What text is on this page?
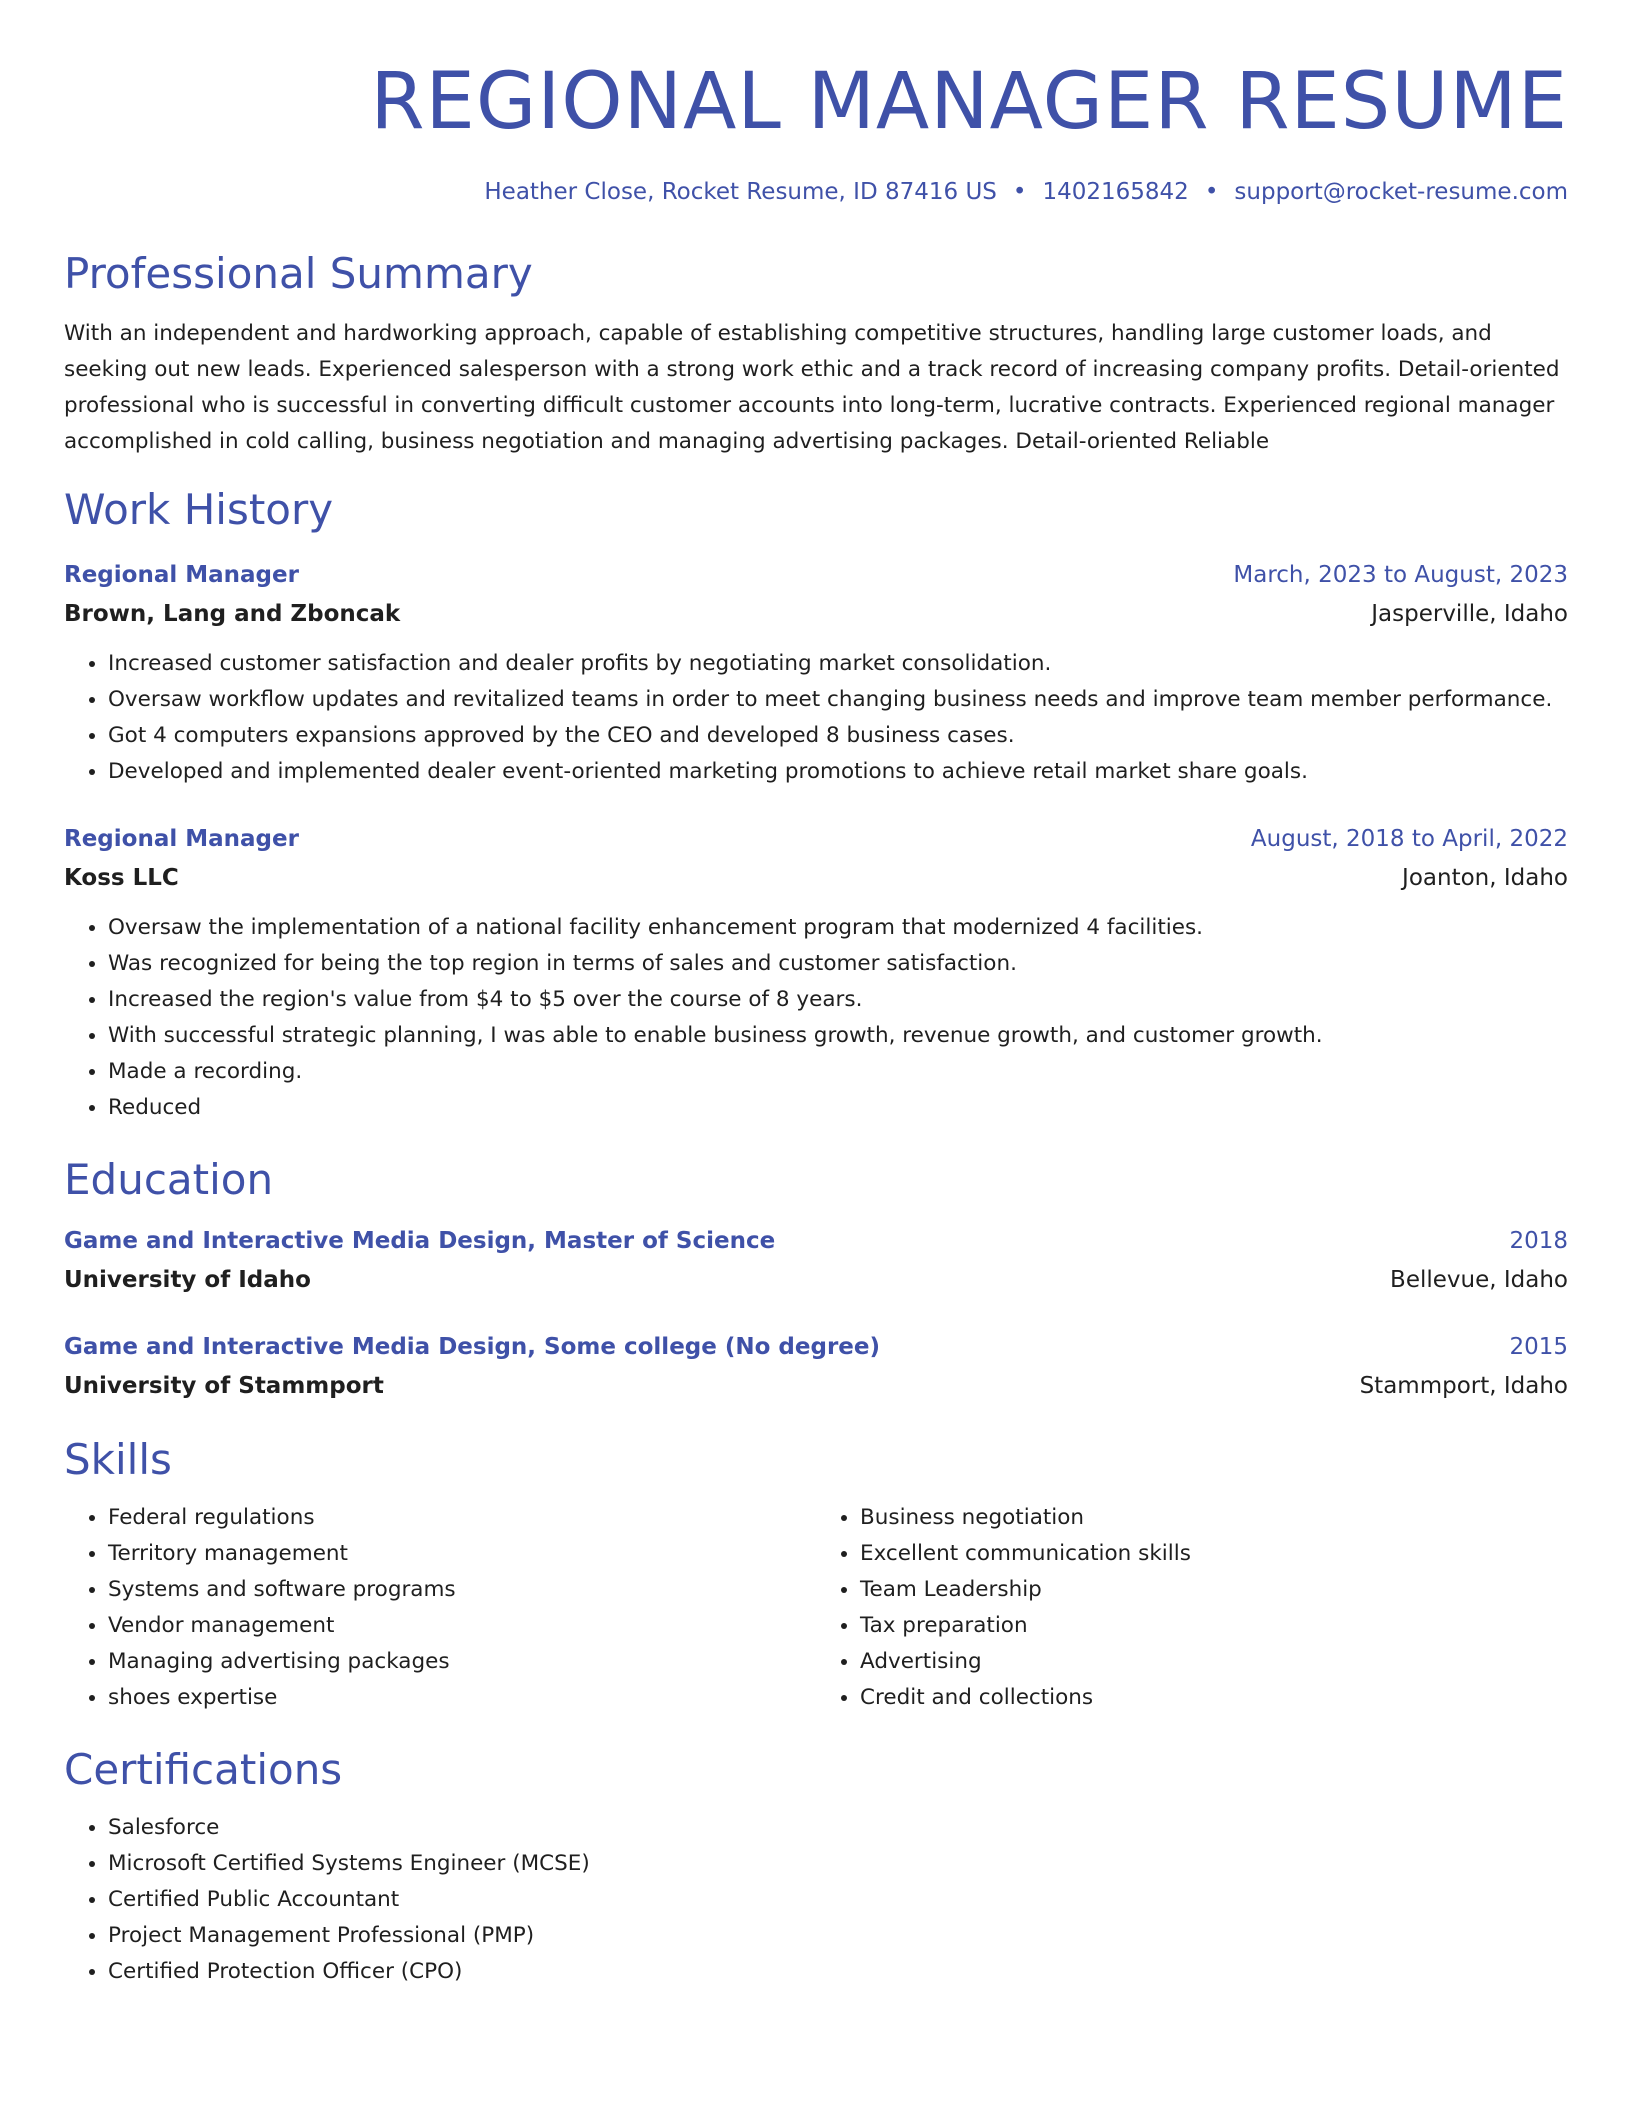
REGIONAL MANAGER RESUME
Heather Close, Rocket Resume, ID 87416 US • 1402165842 • support@rocket-resume.com
Professional Summary
With an independent and hardworking approach, capable of establishing competitive structures, handling large customer loads, and seeking out new leads. Experienced salesperson with a strong work ethic and a track record of increasing company profits. Detail-oriented professional who is successful in converting difficult customer accounts into long-term, lucrative contracts. Experienced regional manager accomplished in cold calling, business negotiation and managing advertising packages. Detail-oriented Reliable
Work History
Regional Manager	March, 2023 to August, 2023
Brown, Lang and Zboncak	Jasperville, Idaho
• Increased customer satisfaction and dealer profits by negotiating market consolidation.
• Oversaw workflow updates and revitalized teams in order to meet changing business needs and improve team member performance.
• Got 4 computers expansions approved by the CEO and developed 8 business cases.
• Developed and implemented dealer event-oriented marketing promotions to achieve retail market share goals.
Regional Manager	August, 2018 to April, 2022
Koss LLC	Joanton, Idaho
• Oversaw the implementation of a national facility enhancement program that modernized 4 facilities.
• Was recognized for being the top region in terms of sales and customer satisfaction.
• Increased the region's value from $4 to $5 over the course of 8 years.
• With successful strategic planning, I was able to enable business growth, revenue growth, and customer growth.
• Made a recording.
• Reduced
Education
Game and Interactive Media Design, Master of Science	2018
University of Idaho	Bellevue, Idaho
Game and Interactive Media Design, Some college (No degree)	2015
University of Stammport	Stammport, Idaho
Skills
• Federal regulations
• Territory management
• Systems and software programs
• Vendor management
• Managing advertising packages
• shoes expertise
• Business negotiation
• Excellent communication skills
• Team Leadership
• Tax preparation
• Advertising
• Credit and collections
Certifications
• Salesforce
• Microsoft Certified Systems Engineer (MCSE)
• Certified Public Accountant
• Project Management Professional (PMP)
• Certified Protection Officer (CPO)
